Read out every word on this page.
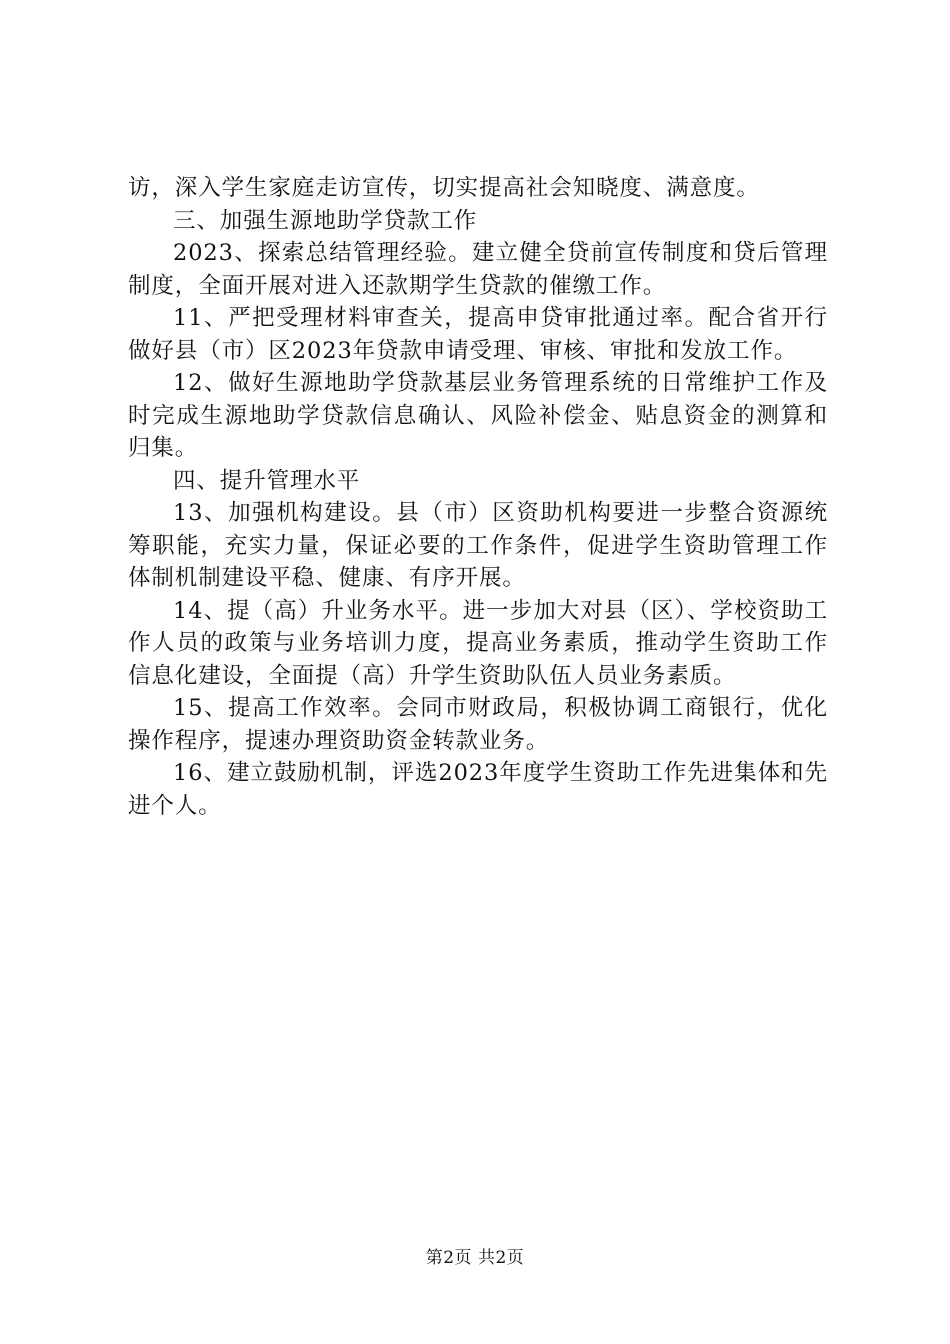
访，深入学生家庭走访宣传，切实提高社会知晓度、满意度。

三、加强生源地助学贷款工作

2023、探索总结管理经验。建立健全贷前宣传制度和贷后管理制度，全面开展对进入还款期学生贷款的催缴工作。

11、严把受理材料审查关，提高申贷审批通过率。配合省开行做好县（市）区2023年贷款申请受理、审核、审批和发放工作。

12、做好生源地助学贷款基层业务管理系统的日常维护工作及时完成生源地助学贷款信息确认、风险补偿金、贴息资金的测算和归集。

四、提升管理水平

13、加强机构建设。县（市）区资助机构要进一步整合资源统筹职能，充实力量，保证必要的工作条件，促进学生资助管理工作体制机制建设平稳、健康、有序开展。

14、提（高）升业务水平。进一步加大对县（区）、学校资助工作人员的政策与业务培训力度，提高业务素质，推动学生资助工作信息化建设，全面提（高）升学生资助队伍人员业务素质。

15、提高工作效率。会同市财政局，积极协调工商银行，优化操作程序，提速办理资助资金转款业务。

16、建立鼓励机制，评选2023年度学生资助工作先进集体和先进个人。

第2页 共2页
